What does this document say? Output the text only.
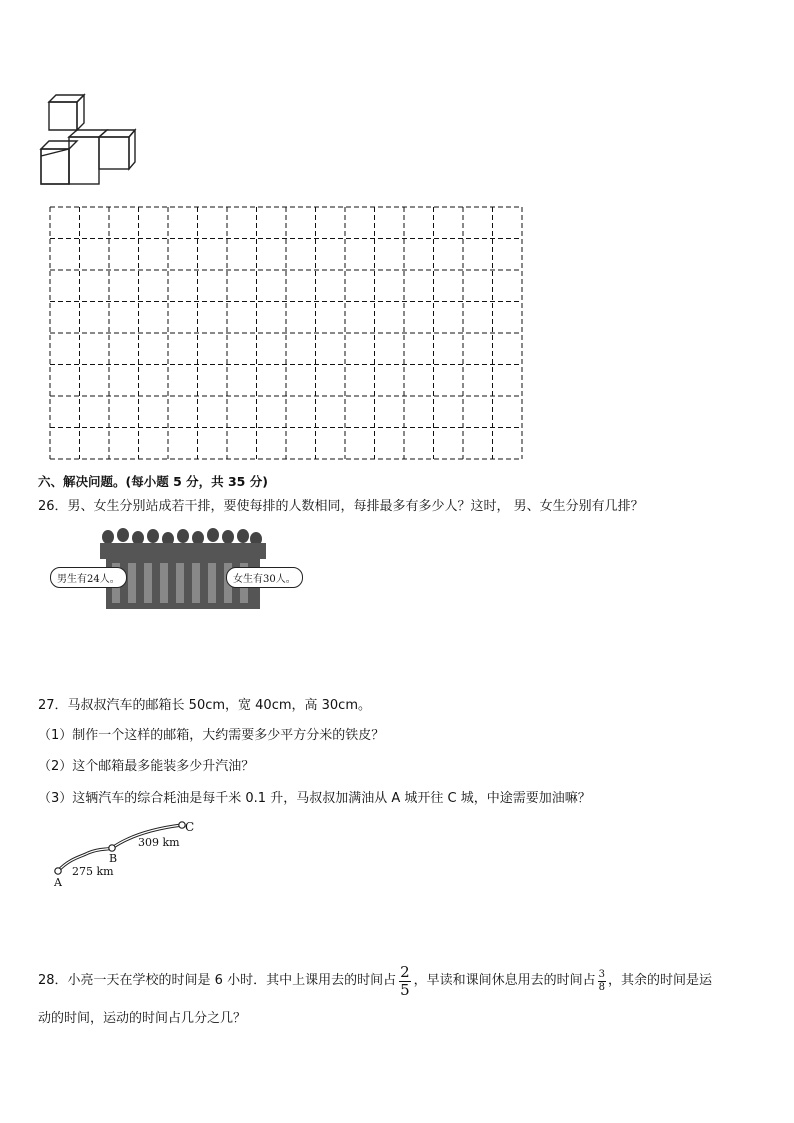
六、解决问题。(每小题 5 分，共 35 分)
26．男、女生分别站成若干排，要使每排的人数相同，每排最多有多少人？这时， 男、女生分别有几排？
男生有24人。	女生有30人。
27．马叔叔汽车的邮箱长 50cm，宽 40cm，高 30cm。
（1）制作一个这样的邮箱，大约需要多少平方分米的铁皮？
（2）这个邮箱最多能装多少升汽油？
（3）这辆汽车的综合耗油是每千米 0.1 升，马叔叔加满油从 A 城开往 C 城，中途需要加油嘛？
A
B
C
275 km
309 km
28．小亮一天在学校的时间是 6 小时．其中上课用去的时间占 $\frac{2}{5}$ ，早读和课间休息用去的时间占 $\frac{3}{8}$ ，其余的时间是运
动的时间，运动的时间占几分之几？
